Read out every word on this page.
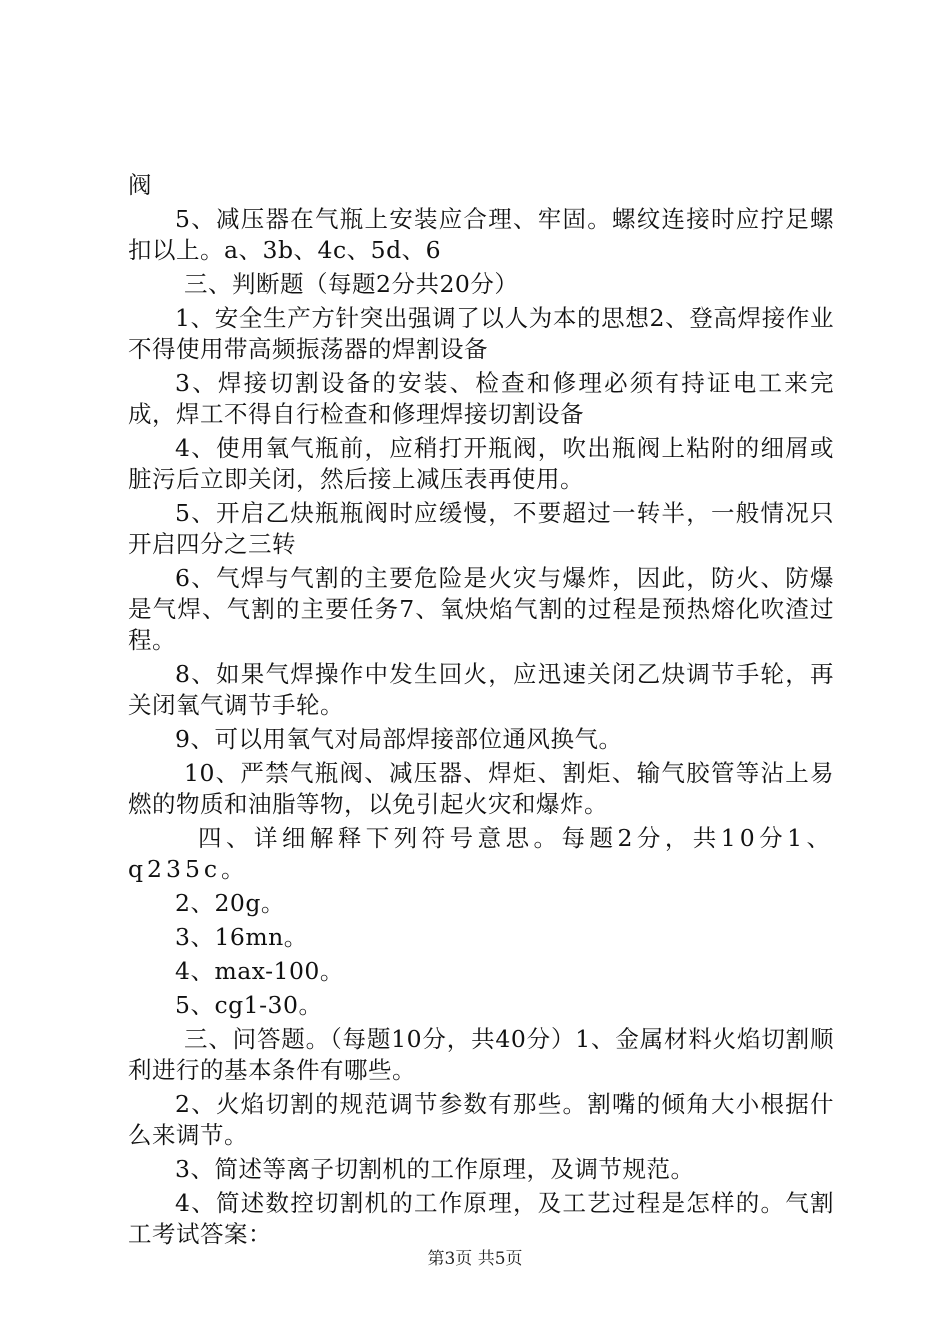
阀

5、减压器在气瓶上安装应合理、牢固。螺纹连接时应拧足螺扣以上。a、3b、4c、5d、6

三、判断题（每题2分共20分）

1、安全生产方针突出强调了以人为本的思想2、登高焊接作业不得使用带高频振荡器的焊割设备

3、焊接切割设备的安装、检查和修理必须有持证电工来完成，焊工不得自行检查和修理焊接切割设备

4、使用氧气瓶前，应稍打开瓶阀，吹出瓶阀上粘附的细屑或脏污后立即关闭，然后接上减压表再使用。

5、开启乙炔瓶瓶阀时应缓慢，不要超过一转半，一般情况只开启四分之三转

6、气焊与气割的主要危险是火灾与爆炸，因此，防火、防爆是气焊、气割的主要任务7、氧炔焰气割的过程是预热熔化吹渣过程。

8、如果气焊操作中发生回火，应迅速关闭乙炔调节手轮，再关闭氧气调节手轮。

9、可以用氧气对局部焊接部位通风换气。

10、严禁气瓶阀、减压器、焊炬、割炬、输气胶管等沾上易燃的物质和油脂等物，以免引起火灾和爆炸。

四、详细解释下列符号意思。每题2分，共10分1、q235c。

2、20g。

3、16mn。

4、max-100。

5、cg1-30。

三、问答题。（每题10分，共40分）1、金属材料火焰切割顺利进行的基本条件有哪些。

2、火焰切割的规范调节参数有那些。割嘴的倾角大小根据什么来调节。

3、简述等离子切割机的工作原理，及调节规范。

4、简述数控切割机的工作原理，及工艺过程是怎样的。气割工考试答案：

第3页 共5页
